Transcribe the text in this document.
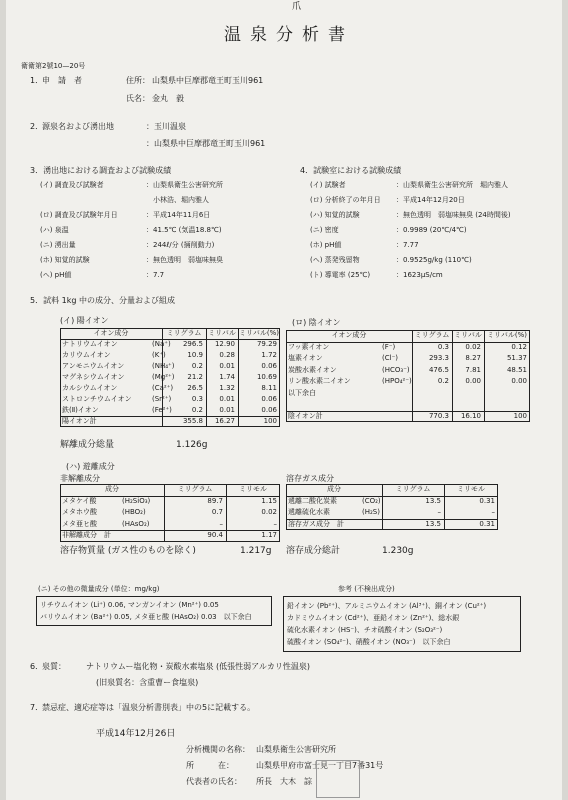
爪
温泉分析書
衛衛第2號10—20号
1．
申　請　者	住所： 山梨県中巨摩郡竜王町玉川961
氏名： 金丸　毅
2．
源泉名および湧出地	：玉川温泉
：山梨県中巨摩郡竜王町玉川961
3．湧出地における調査および試験成績
(イ) 調査及び試験者	：山梨県衛生公害研究所
　小林浩、堀内雅人
(ロ) 調査及び試験年月日	：平成14年11月6日
(ハ) 泉温	：41.5℃ (気温18.8℃)
(ニ) 湧出量	：244ℓ/分 (掚削動力)
(ホ) 知覚的試験	：無色透明　弱塩味無臭
(ヘ) pH値	：7.7
4．試験室における試験成績
(イ) 試験者	：山梨県衛生公害研究所　堀内雅人
(ロ) 分析終了の年月日 ：平成14年12月20日
(ハ) 知覚的試験	：無色透明　弱塩味無臭 (24時間後)
(ニ) 密度	：0.9989 (20℃/4℃)
(ホ) pH値	：7.77
(ヘ) 蒸発残留物	：0.9525g/kg (110℃)
(ト) 導電率 (25℃)	：1623μS/cm
5．試料 1kg 中の成分、分量および組成
(イ) 陽イオン
イオン成分	ミリグラム ミリバル ミリバル(%)
ナトリウムイオン	(Na⁺)	296.5	12.90	79.29
カリウムイオン	(K⁺)	10.9	0.28	1.72
アンモニウムイオン	(NH₄⁺)	0.2	0.01	0.06
マグネシウムイオン	(Mg²⁺)	21.2	1.74	10.69
カルシウムイオン	(Ca²⁺)	26.5	1.32	8.11
ストロンチウムイオン	(Sr²⁺)	0.3	0.01	0.06
鉄(Ⅱ)イオン	(Fe²⁺)	0.2	0.01	0.06
陽イオン計	355.8	16.27	100
(ロ) 陰イオン
イオン成分	ミリグラム ミリバル ミリバル(%)
フッ素イオン	(F⁻)	0.3	0.02	0.12
塩素イオン	(Cl⁻)	293.3	8.27	51.37
炭酸水素イオン	(HCO₃⁻)	476.5	7.81	48.51
リン酸水素二イオン	(HPO₄²⁻)	0.2	0.00	0.00
以下余白
陰イオン計	770.3	16.10	100
解離成分総量	1.126g
(ハ) 遊離成分
非解離成分
成分	ミリグラム	ミリモル
メタケイ酸	(H₂SiO₃)	89.7	1.15
メタホウ酸	(HBO₂)	0.7	0.02
メタ亜ヒ酸	(HAsO₂)	–	–
非解離成分　計	90.4	1.17
溶存物質量 (ガス性のものを除く)	1.217g
溶存ガス成分
成分	ミリグラム	ミリモル
遞離二酸化炭素	(CO₂)	13.5	0.31
遞離硫化水素	(H₂S)	–	–
溶存ガス成分　計	13.5	0.31
溶存成分総計	1.230g
(ニ) その他の微量成分 (単位：mg/kg)
リチウムイオン (Li⁺) 0.06, マンガンイオン (Mn²⁺) 0.05
バリウムイオン (Ba²⁺) 0.05, メタ亜ヒ酸 (HAsO₂) 0.03　以下余白
参考 (不検出成分)
鉛イオン (Pb²⁺)、アルミニウムイオン (Al³⁺)、銅イオン (Cu²⁺)
カドミウムイオン (Cd²⁺)、亜鉛イオン (Zn²⁺)、総水銀
硫化水素イオン (HS⁻)、チオ硫酸イオン (S₂O₃²⁻)
硫酸イオン (SO₄²⁻)、硝酸イオン (NO₃⁻)　以下余白
6．
泉質：	ナトリウムー塩化物・炭酸水素塩泉 (低張性弱アルカリ性温泉)
(旧泉質名：含重曹ー食塩泉)
7．
禁忌症、適応症等は「温泉分析書別表」中の5に記載する。
平成14年12月26日
分析機関の名称： 山梨県衛生公害研究所
所　　　在：	山梨県甲府市富士見一丁目7番31号
代表者の氏名： 所長　大木　誴
